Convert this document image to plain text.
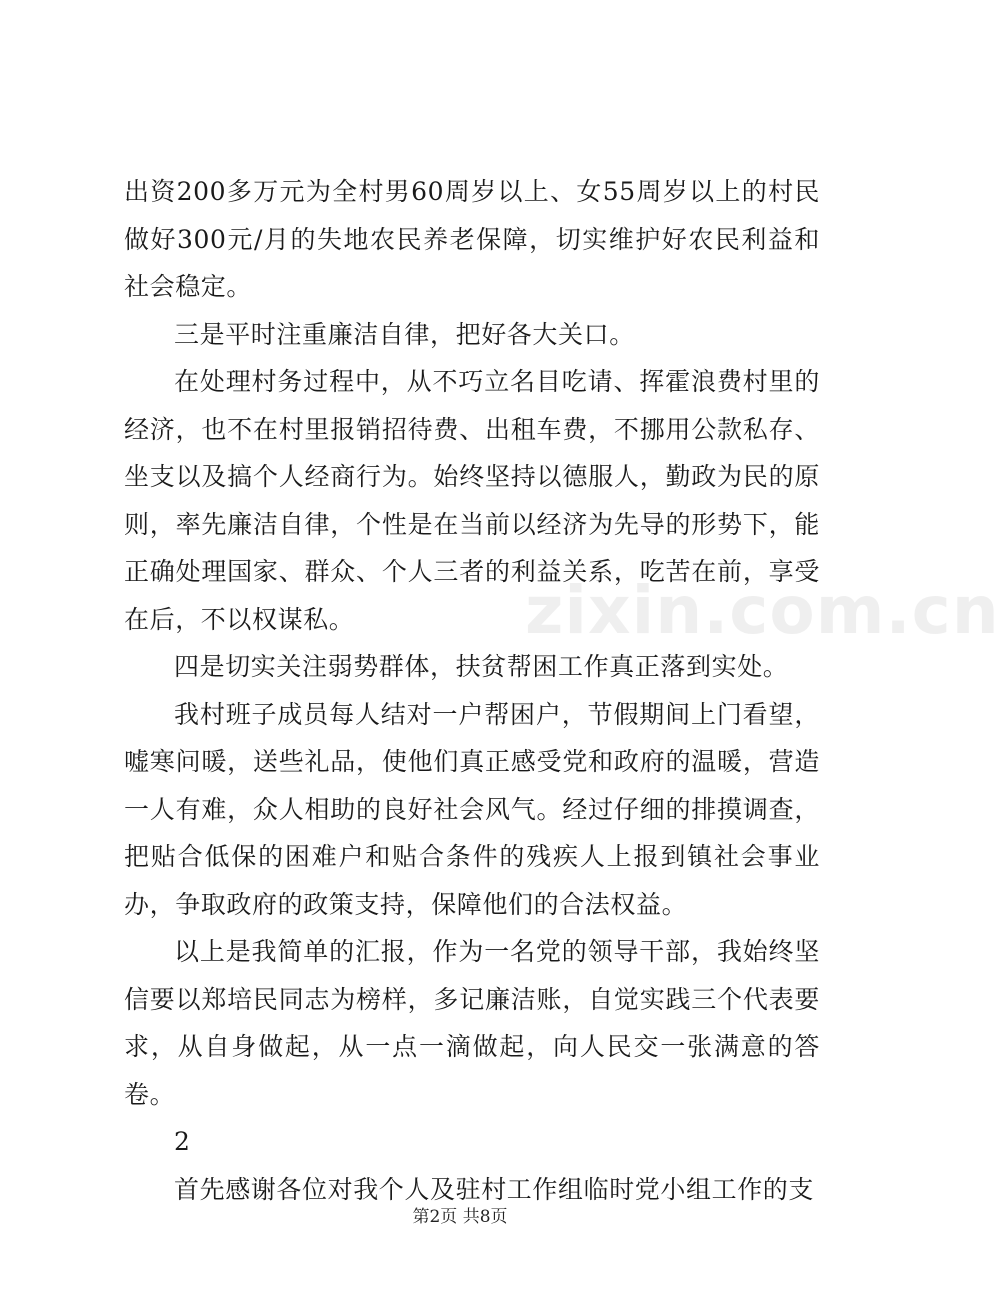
出资200多万元为全村男60周岁以上、女55周岁以上的村民做好300元/月的失地农民养老保障，切实维护好农民利益和社会稳定。

三是平时注重廉洁自律，把好各大关口。

在处理村务过程中，从不巧立名目吃请、挥霍浪费村里的经济，也不在村里报销招待费、出租车费，不挪用公款私存、坐支以及搞个人经商行为。始终坚持以德服人，勤政为民的原则，率先廉洁自律，个性是在当前以经济为先导的形势下，能正确处理国家、群众、个人三者的利益关系，吃苦在前，享受在后，不以权谋私。

四是切实关注弱势群体，扶贫帮困工作真正落到实处。

我村班子成员每人结对一户帮困户，节假期间上门看望，嘘寒问暖，送些礼品，使他们真正感受党和政府的温暖，营造一人有难，众人相助的良好社会风气。经过仔细的排摸调查，把贴合低保的困难户和贴合条件的残疾人上报到镇社会事业办，争取政府的政策支持，保障他们的合法权益。

以上是我简单的汇报，作为一名党的领导干部，我始终坚信要以郑培民同志为榜样，多记廉洁账，自觉实践三个代表要求，从自身做起，从一点一滴做起，向人民交一张满意的答卷。

2

首先感谢各位对我个人及驻村工作组临时党小组工作的支

zixin.com.cn
第2页 共8页
